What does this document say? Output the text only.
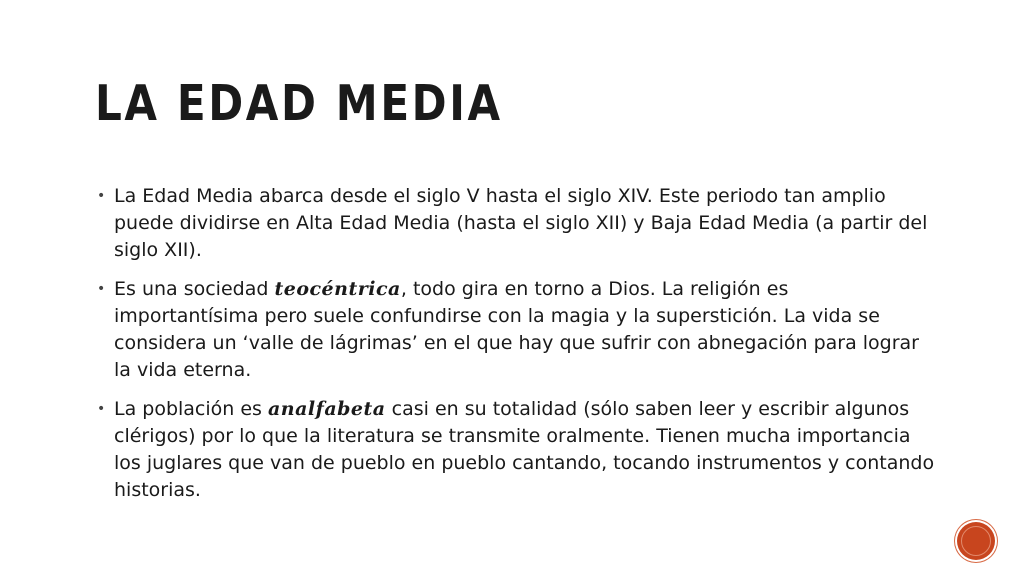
LA EDAD MEDIA
• La Edad Media abarca desde el siglo V hasta el siglo XIV. Este periodo tan amplio puede dividirse en Alta Edad Media (hasta el siglo XII) y Baja Edad Media (a partir del siglo XII).
• Es una sociedad teocéntrica, todo gira en torno a Dios. La religión es importantísima pero suele confundirse con la magia y la superstición. La vida se considera un ‘valle de lágrimas’ en el que hay que sufrir con abnegación para lograr la vida eterna.
• La población es analfabeta casi en su totalidad (sólo saben leer y escribir algunos clérigos) por lo que la literatura se transmite oralmente. Tienen mucha importancia los juglares que van de pueblo en pueblo cantando, tocando instrumentos y contando historias.
